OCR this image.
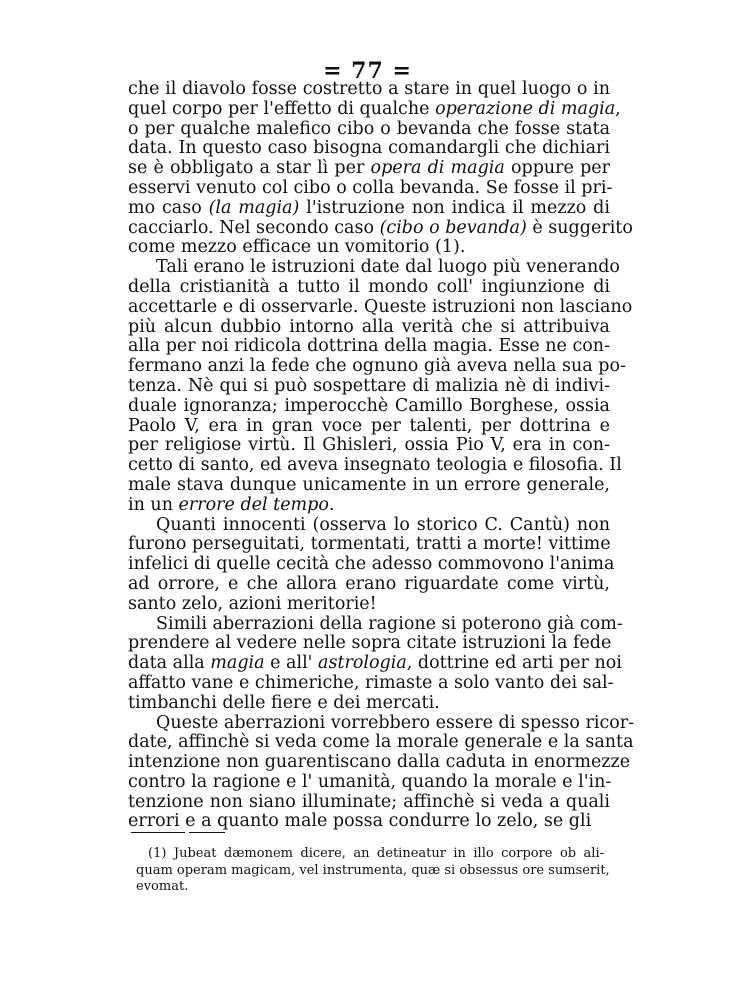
= 77 =
che il diavolo fosse costretto a stare in quel luogo o in
quel corpo per l'effetto di qualche operazione di magia,
o per qualche malefico cibo o bevanda che fosse stata
data. In questo caso bisogna comandargli che dichiari
se è obbligato a star lì per opera di magia oppure per
esservi venuto col cibo o colla bevanda. Se fosse il pri-
mo caso (la magia) l'istruzione non indica il mezzo di
cacciarlo. Nel secondo caso (cibo o bevanda) è suggerito
come mezzo efficace un vomitorio (1).
Tali erano le istruzioni date dal luogo più venerando
della cristianità a tutto il mondo coll' ingiunzione di
accettarle e di osservarle. Queste istruzioni non lasciano
più alcun dubbio intorno alla verità che si attribuiva
alla per noi ridicola dottrina della magia. Esse ne con-
fermano anzi la fede che ognuno già aveva nella sua po-
tenza. Nè qui si può sospettare di malizia nè di indivi-
duale ignoranza; imperocchè Camillo Borghese, ossia
Paolo V, era in gran voce per talenti, per dottrina e
per religiose virtù. Il Ghisleri, ossia Pio V, era in con-
cetto di santo, ed aveva insegnato teologia e filosofia. Il
male stava dunque unicamente in un errore generale,
in un errore del tempo.
Quanti innocenti (osserva lo storico C. Cantù) non
furono perseguitati, tormentati, tratti a morte! vittime
infelici di quelle cecità che adesso commovono l'anima
ad orrore, e che allora erano riguardate come virtù,
santo zelo, azioni meritorie!
Simili aberrazioni della ragione si poterono già com-
prendere al vedere nelle sopra citate istruzioni la fede
data alla magia e all' astrologia, dottrine ed arti per noi
affatto vane e chimeriche, rimaste a solo vanto dei sal-
timbanchi delle fiere e dei mercati.
Queste aberrazioni vorrebbero essere di spesso ricor-
date, affinchè si veda come la morale generale e la santa
intenzione non guarentiscano dalla caduta in enormezze
contro la ragione e l' umanità, quando la morale e l'in-
tenzione non siano illuminate; affinchè si veda a quali
errori e a quanto male possa condurre lo zelo, se gli
(1) Jubeat dæmonem dicere, an detineatur in illo corpore ob ali-
quam operam magicam, vel instrumenta, quæ si obsessus ore sumserit,
evomat.
